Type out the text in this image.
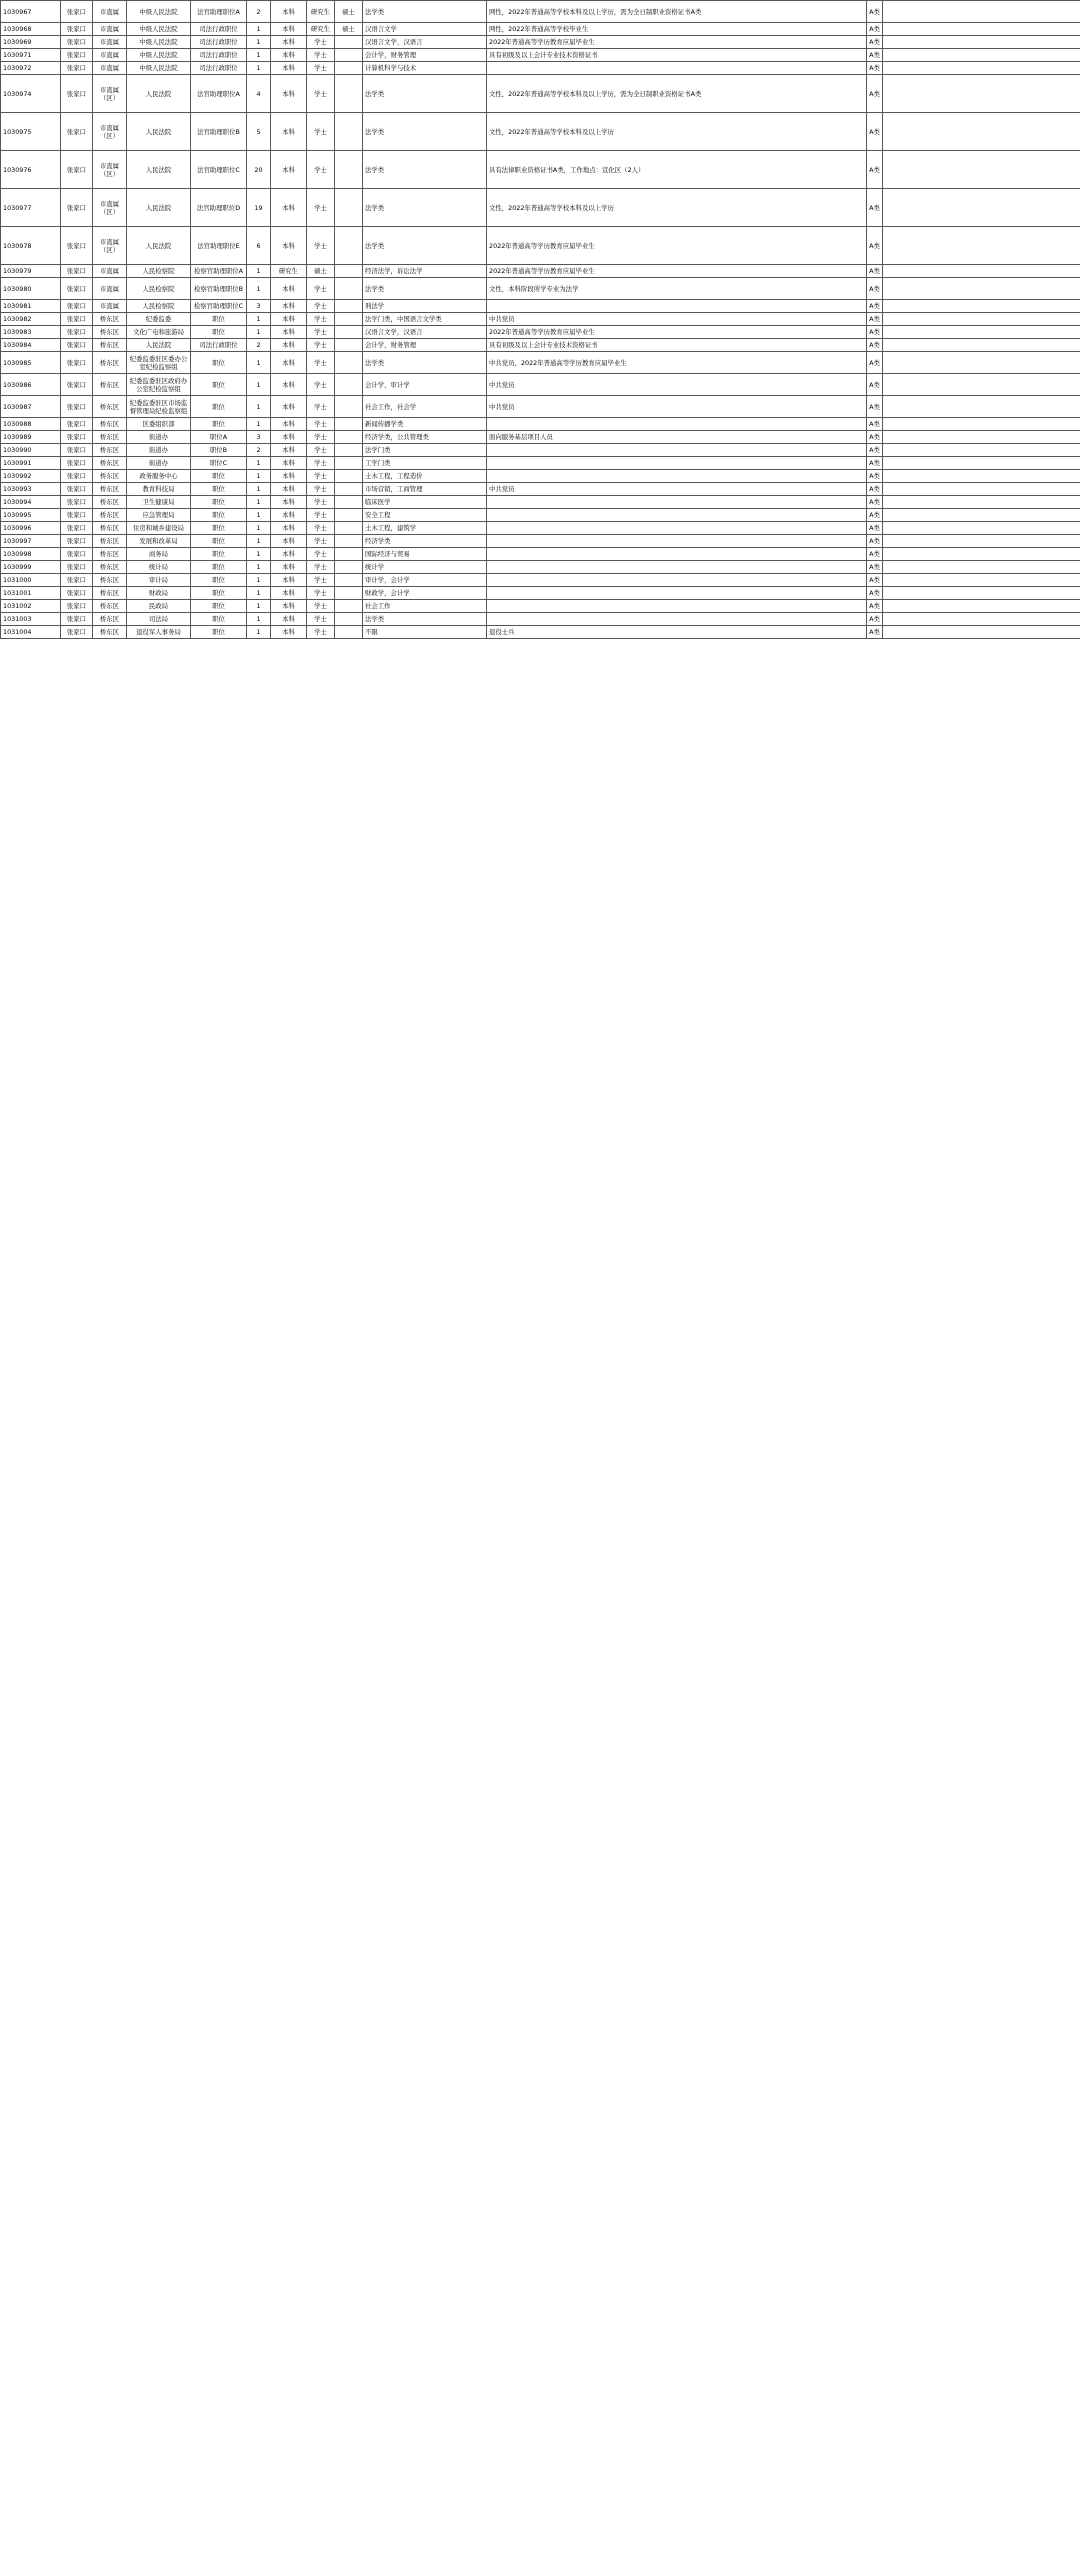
1030967	张家口	市直属	中级人民法院	法官助理职位A	2	本科	研究生	硕士	法学类	网性，2022年普通高等学校本科及以上学历，需为全日制职业资格证书A类	A类	
1030968	张家口	市直属	中级人民法院	司法行政职位	1	本科	研究生	硕士	汉语言文学	网性，2022年普通高等学校毕业生	A类	
1030969	张家口	市直属	中级人民法院	司法行政职位	1	本科	学士		汉语言文学，汉语言	2022年普通高等学历教育应届毕业生	A类	
1030971	张家口	市直属	中级人民法院	司法行政职位	1	本科	学士		会计学，财务管理	具有初级及以上会计专业技术资格证书	A类	
1030972	张家口	市直属	中级人民法院	司法行政职位	1	本科	学士		计算机科学与技术		A类	
1030974	张家口	市直属（区）	人民法院	法官助理职位A	4	本科	学士		法学类	文性，2022年普通高等学校本科及以上学历，需为全日制职业资格证书A类	A类	
1030975	张家口	市直属（区）	人民法院	法官助理职位B	5	本科	学士		法学类	文性，2022年普通高等学校本科及以上学历	A类	
1030976	张家口	市直属（区）	人民法院	法官助理职位C	20	本科	学士		法学类	具有法律职业资格证书A类，工作地点：宣化区（2人）	A类	
1030977	张家口	市直属（区）	人民法院	法官助理职位D	19	本科	学士		法学类	文性，2022年普通高等学校本科及以上学历	A类	
1030978	张家口	市直属（区）	人民法院	法官助理职位E	6	本科	学士		法学类	2022年普通高等学历教育应届毕业生	A类	
1030979	张家口	市直属	人民检察院	检察官助理职位A	1	研究生	硕士		经济法学，诉讼法学	2022年普通高等学历教育应届毕业生	A类	
1030980	张家口	市直属	人民检察院	检察官助理职位B	1	本科	学士		法学类	文性，本科阶段所学专业为法学	A类	
1030981	张家口	市直属	人民检察院	检察官助理职位C	3	本科	学士		刑法学		A类	
1030982	张家口	桥东区	纪委监委	职位	1	本科	学士		法学门类，中国语言文学类	中共党员	A类	
1030983	张家口	桥东区	文化广电和旅游局	职位	1	本科	学士		汉语言文学，汉语言	2022年普通高等学历教育应届毕业生	A类	
1030984	张家口	桥东区	人民法院	司法行政职位	2	本科	学士		会计学，财务管理	具有初级及以上会计专业技术资格证书	A类	
1030985	张家口	桥东区	纪委监委驻区委办公室纪检监察组	职位	1	本科	学士		法学类	中共党员，2022年普通高等学历教育应届毕业生	A类	
1030986	张家口	桥东区	纪委监委驻区政府办公室纪检监察组	职位	1	本科	学士		会计学，审计学	中共党员	A类	
1030987	张家口	桥东区	纪委监委驻区市场监督管理局纪检监察组	职位	1	本科	学士		社会工作，社会学	中共党员	A类	
1030988	张家口	桥东区	区委组织部	职位	1	本科	学士		新闻传播学类		A类	
1030989	张家口	桥东区	街道办	职位A	3	本科	学士		经济学类，公共管理类	面向服务基层项目人员	A类	
1030990	张家口	桥东区	街道办	职位B	2	本科	学士		法学门类		A类	
1030991	张家口	桥东区	街道办	职位C	1	本科	学士		工学门类		A类	
1030992	张家口	桥东区	政务服务中心	职位	1	本科	学士		土木工程，工程造价		A类	
1030993	张家口	桥东区	教育科技局	职位	1	本科	学士		市场营销，工商管理	中共党员	A类	
1030994	张家口	桥东区	卫生健康局	职位	1	本科	学士		临床医学		A类	
1030995	张家口	桥东区	应急管理局	职位	1	本科	学士		安全工程		A类	
1030996	张家口	桥东区	住房和城乡建设局	职位	1	本科	学士		土木工程，建筑学		A类	
1030997	张家口	桥东区	发展和改革局	职位	1	本科	学士		经济学类		A类	
1030998	张家口	桥东区	商务局	职位	1	本科	学士		国际经济与贸易		A类	
1030999	张家口	桥东区	统计局	职位	1	本科	学士		统计学		A类	
1031000	张家口	桥东区	审计局	职位	1	本科	学士		审计学，会计学		A类	
1031001	张家口	桥东区	财政局	职位	1	本科	学士		财政学，会计学		A类	
1031002	张家口	桥东区	民政局	职位	1	本科	学士		社会工作		A类	
1031003	张家口	桥东区	司法局	职位	1	本科	学士		法学类		A类	
1031004	张家口	桥东区	退役军人事务局	职位	1	本科	学士		不限	退役士兵	A类	
